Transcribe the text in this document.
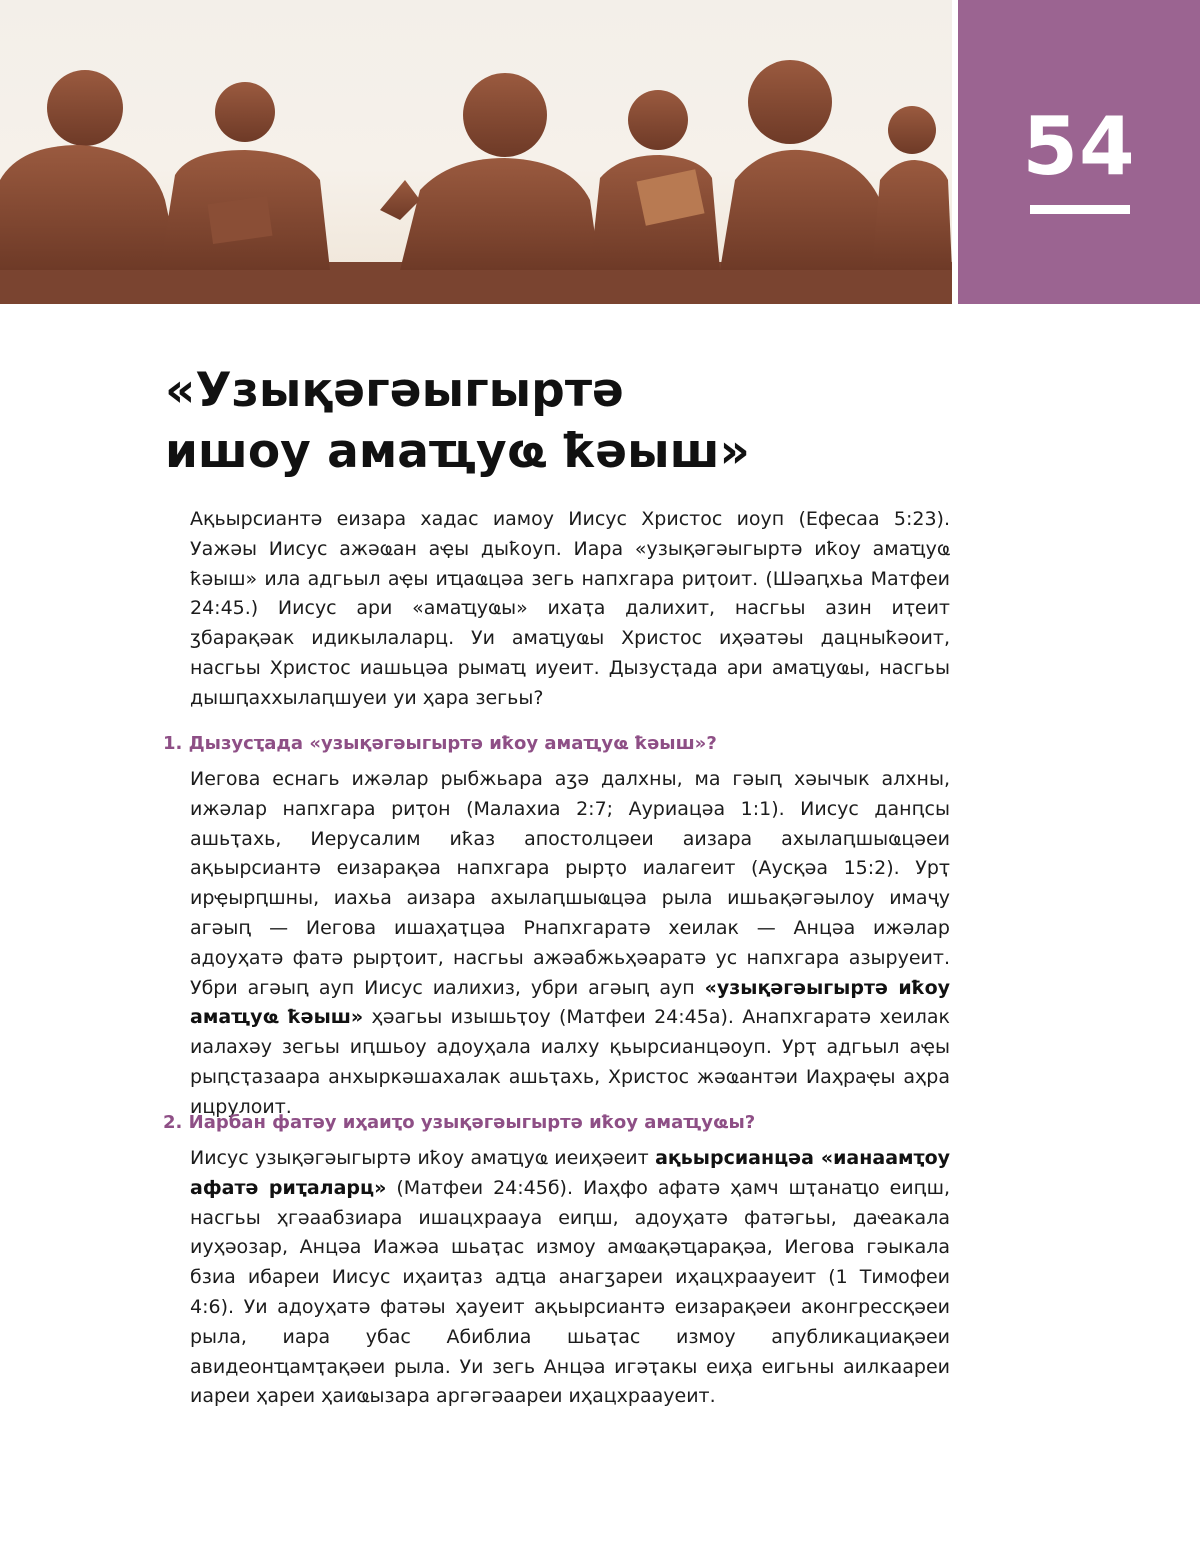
54
«Узықәгәыгыртә
ишоу амаҵуҩ ҟәыш»

Ақьырсиантә еизара хадас иамоу Иисус Христос иоуп (Ефесаа 5:23). Уажәы Иисус ажәҩан аҿы дыҟоуп. Иара «узықәгәыгыртә иҟоу амаҵуҩ ҟәыш» ила адгьыл аҿы иҵаҩцәа зегь напхгара риҭоит. (Шәаԥхьа Матфеи 24:45.) Иисус ари «амаҵуҩы» ихаҭа далихит, насгьы азин иҭеит ӡбарақәак идикылаларц. Уи амаҵуҩы Христос иҳәатәы дацныҟәоит, насгьы Христос иашьцәа рымаҵ иуеит. Дызусҭада ари амаҵуҩы, насгьы дышԥаххылаԥшуеи уи ҳара зегьы?

1. Дызусҭада «узықәгәыгыртә иҟоу амаҵуҩ ҟәыш»?

Иегова еснагь ижәлар рыбжьара аӡә далхны, ма гәыԥ хәычык алхны, ижәлар напхгара риҭон (Малахиа 2:7; Ауриацәа 1:1). Иисус данԥсы ашьҭахь, Иерусалим иҟаз апостолцәеи аизара ахылаԥшыҩцәеи ақьырсиантә еизарақәа напхгара рырҭо иалагеит (Аусқәа 15:2). Урҭ ирҿырԥшны, иахьа аизара ахылаԥшыҩцәа рыла ишьақәгәылоу имаҷу агәыԥ — Иегова ишаҳаҭцәа Рнапхгаратә хеилак — Анцәа ижәлар адоуҳатә фатә рырҭоит, насгьы ажәабжьҳәаратә ус напхгара азыруеит. Убри агәыԥ ауп Иисус иалихиз, убри агәыԥ ауп «узықәгәыгыртә иҟоу амаҵуҩ ҟәыш» ҳәагьы изышьҭоу (Матфеи 24:45а). Анапхгаратә хеилак иалахәу зегьы иԥшьоу адоуҳала иалху қьырсианцәоуп. Урҭ адгьыл аҿы рыԥсҭазаара анхыркәшахалак ашьҭахь, Христос жәҩантәи Иаҳраҿы аҳра ицрулоит.

2. Иарбан фатәу иҳаиҭо узықәгәыгыртә иҟоу амаҵуҩы?

Иисус узықәгәыгыртә иҟоу амаҵуҩ иеиҳәеит ақьырсианцәа «ианаамҭоу афатә риҭаларц» (Матфеи 24:45б). Иаҳфо афатә ҳамч шҭанаҵо еиԥш, насгьы ҳгәаабзиара ишацхраауа еиԥш, адоуҳатә фатәгьы, даҽакала иуҳәозар, Анцәа Иажәа шьаҭас измоу амҩақәҵарақәа, Иегова гәыкала бзиа ибареи Иисус иҳаиҭаз адҵа анагӡареи иҳацхраауеит (1 Тимофеи 4:6). Уи адоуҳатә фатәы ҳауеит ақьырсиантә еизарақәеи аконгрессқәеи рыла, иара убас Абиблиа шьаҭас измоу апубликациақәеи авидеонҵамҭақәеи рыла. Уи зегь Анцәа игәҭакы еиҳа еигьны аилкаареи иареи ҳареи ҳаиҩызара аргәгәаареи иҳацхраауеит.
